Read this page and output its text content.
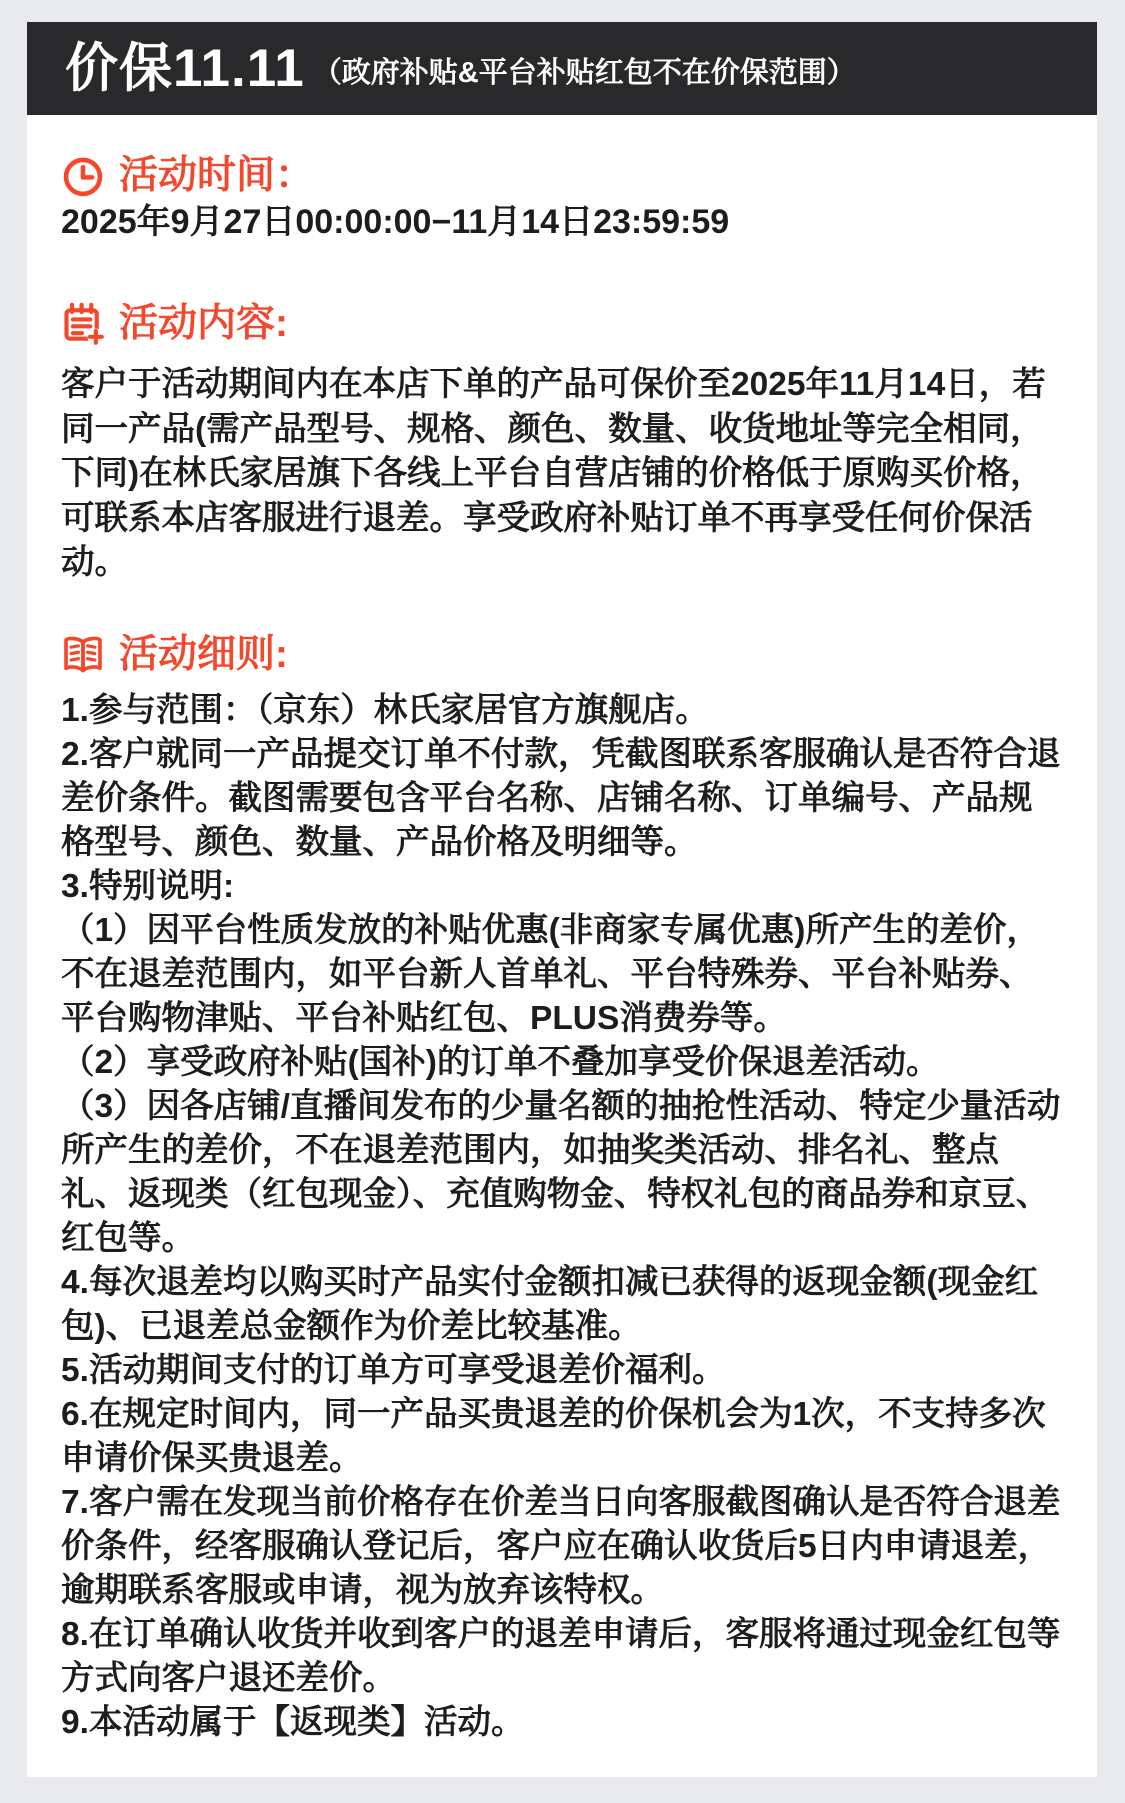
价保11.11 （政府补贴&平台补贴红包不在价保范围）
活动时间：
2025年9月27日00:00:00−11月14日23:59:59
活动内容:
客户于活动期间内在本店下单的产品可保价至2025年11月14日，若同一产品(需产品型号、规格、颜色、数量、收货地址等完全相同，下同)在林氏家居旗下各线上平台自营店铺的价格低于原购买价格，可联系本店客服进行退差。享受政府补贴订单不再享受任何价保活动。
活动细则:
1.参与范围：（京东）林氏家居官方旗舰店。
2.客户就同一产品提交订单不付款，凭截图联系客服确认是否符合退差价条件。截图需要包含平台名称、店铺名称、订单编号、产品规格型号、颜色、数量、产品价格及明细等。
3.特别说明:
（1）因平台性质发放的补贴优惠(非商家专属优惠)所产生的差价，不在退差范围内，如平台新人首单礼、平台特殊券、平台补贴券、平台购物津贴、平台补贴红包、PLUS消费券等。
（2）享受政府补贴(国补)的订单不叠加享受价保退差活动。
（3）因各店铺/直播间发布的少量名额的抽抢性活动、特定少量活动所产生的差价，不在退差范围内，如抽奖类活动、排名礼、整点礼、返现类（红包现金）、充值购物金、特权礼包的商品券和京豆、红包等。
4.每次退差均以购买时产品实付金额扣减已获得的返现金额(现金红包)、已退差总金额作为价差比较基准。
5.活动期间支付的订单方可享受退差价福利。
6.在规定时间内，同一产品买贵退差的价保机会为1次，不支持多次申请价保买贵退差。
7.客户需在发现当前价格存在价差当日向客服截图确认是否符合退差价条件，经客服确认登记后，客户应在确认收货后5日内申请退差，逾期联系客服或申请，视为放弃该特权。
8.在订单确认收货并收到客户的退差申请后，客服将通过现金红包等方式向客户退还差价。
9.本活动属于【返现类】活动。
